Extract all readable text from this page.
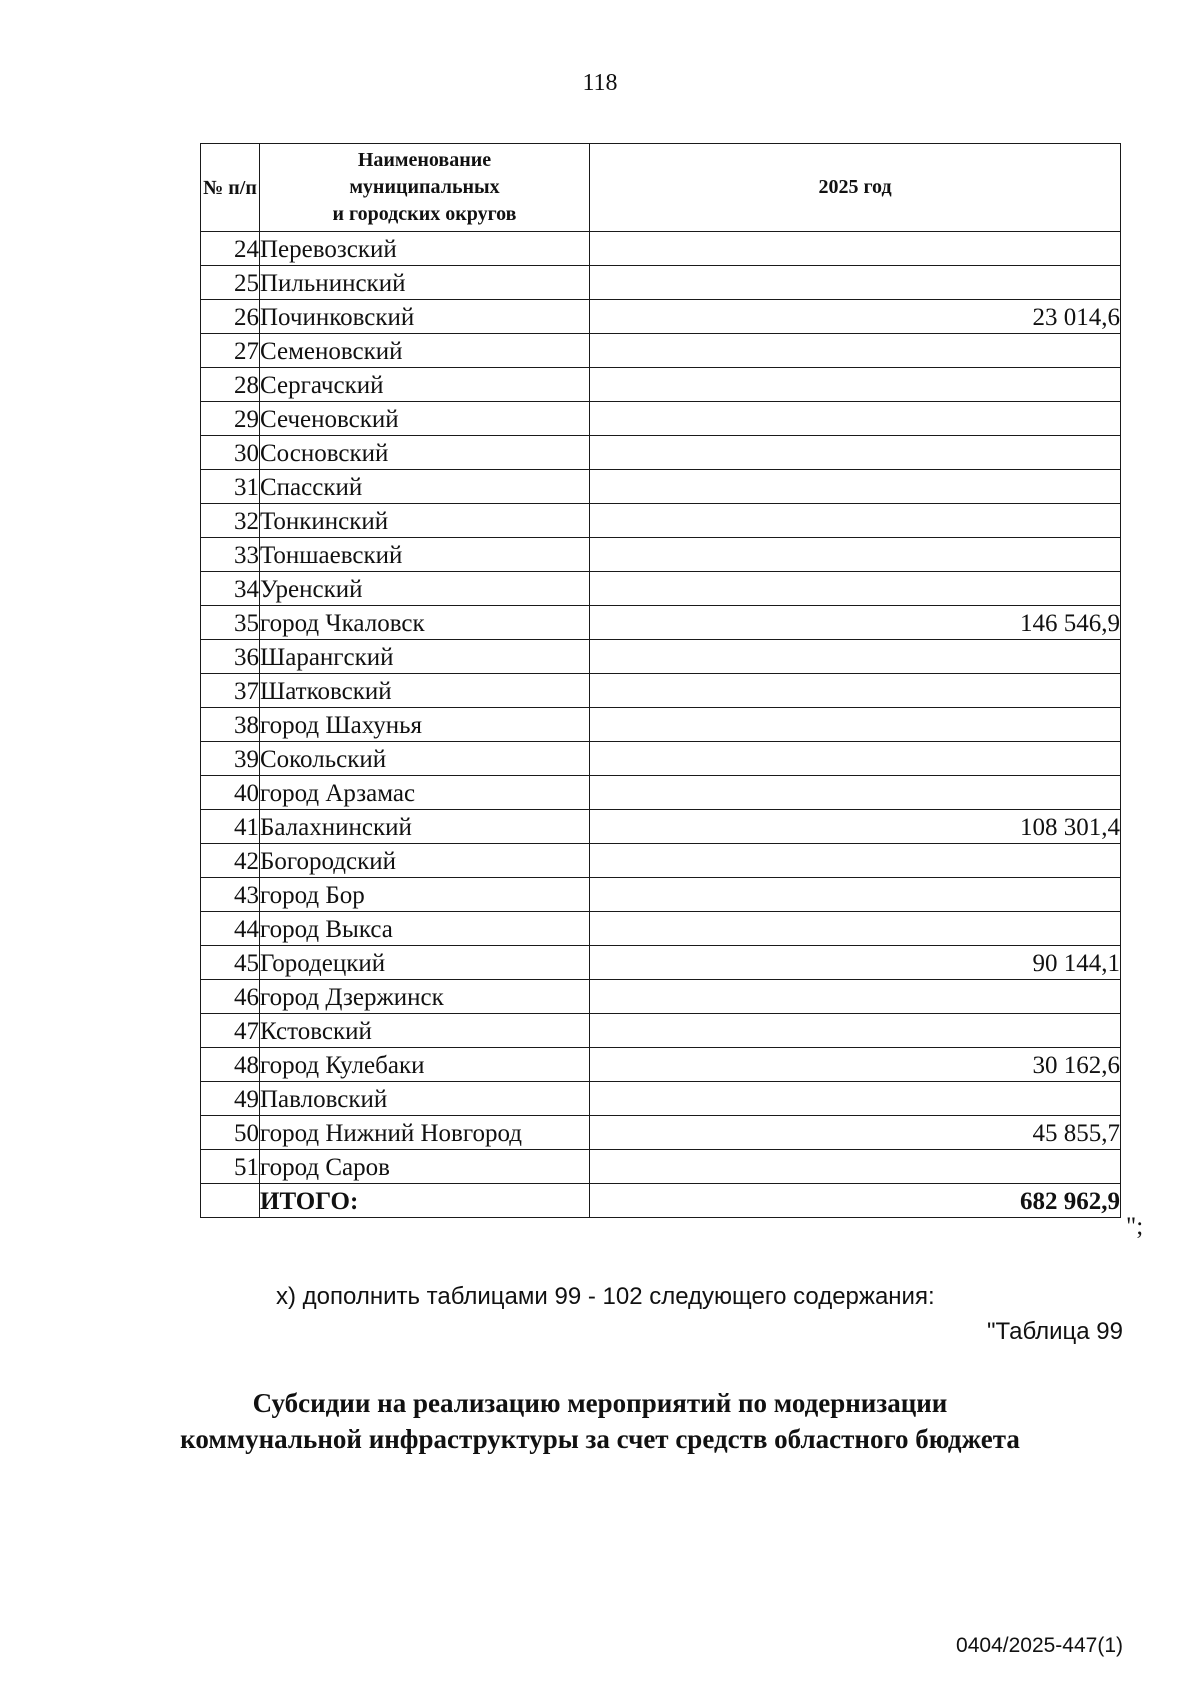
118
№ п/п	Наименование
муниципальных
и городских округов	2025 год
24	Перевозский	
25	Пильнинский	
26	Починковский	23 014,6
27	Семеновский	
28	Сергачский	
29	Сеченовский	
30	Сосновский	
31	Спасский	
32	Тонкинский	
33	Тоншаевский	
34	Уренский	
35	город Чкаловск	146 546,9
36	Шарангский	
37	Шатковский	
38	город Шахунья	
39	Сокольский	
40	город Арзамас	
41	Балахнинский	108 301,4
42	Богородский	
43	город Бор	
44	город Выкса	
45	Городецкий	90 144,1
46	город Дзержинск	
47	Кстовский	
48	город Кулебаки	30 162,6
49	Павловский	
50	город Нижний Новгород	45 855,7
51	город Саров	
	ИТОГО:	682 962,9
";
х) дополнить таблицами 99 - 102 следующего содержания:
"Таблица 99
Субсидии на реализацию мероприятий по модернизации
коммунальной инфраструктуры за счет средств областного бюджета
0404/2025-447(1)
